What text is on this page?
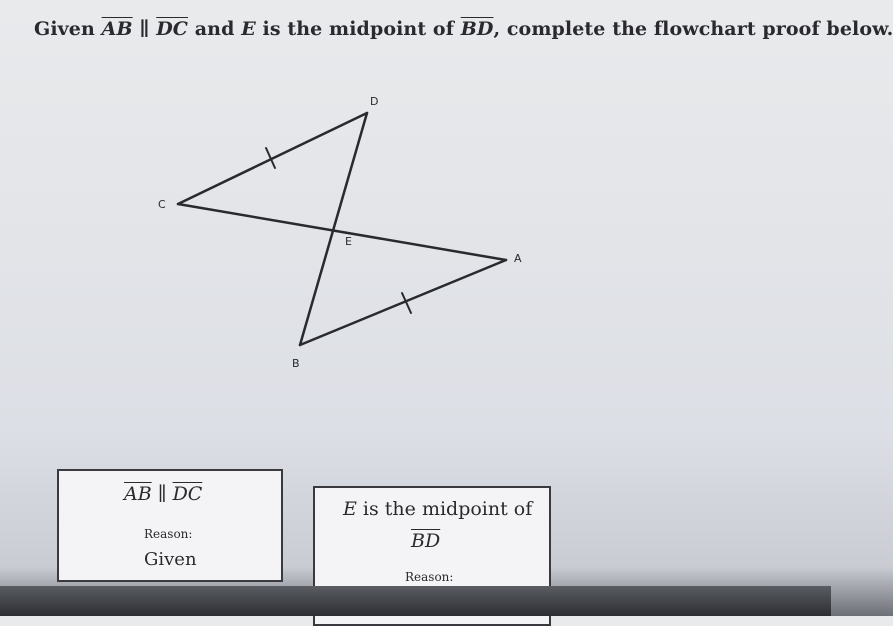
Given $\overline{AB}$ ∥ $\overline{DC}$ and E is the midpoint of $\overline{BD}$, complete the flowchart proof below.
D
C
E
A
B
$\overline{AB}$ ∥ $\overline{DC}$
Reason:
Given
E is the midpoint of
$\overline{BD}$
Reason:
